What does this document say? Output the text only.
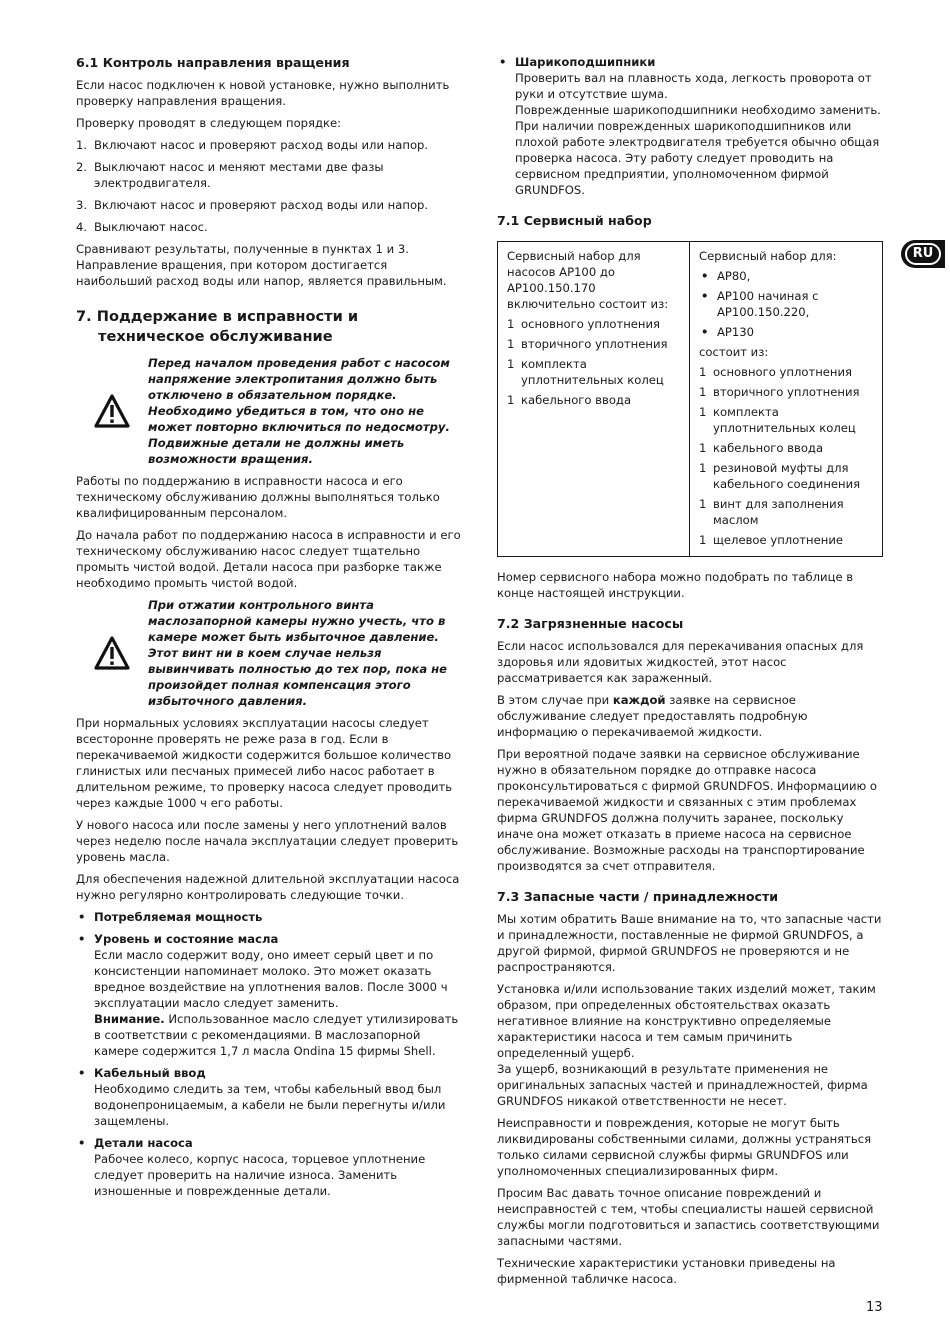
6.1 Контроль направления вращения

Если насос подключен к новой установке, нужно выполнить проверку направления вращения.

Проверку проводят в следующем порядке:

1. Включают насос и проверяют расход воды или напор.
2. Выключают насос и меняют местами две фазы электродвигателя.
3. Включают насос и проверяют расход воды или напор.
4. Выключают насос.

Сравнивают результаты, полученные в пунктах 1 и 3. Направление вращения, при котором достигается наибольший расход воды или напор, является правильным.

7. Поддержание в исправности и техническое обслуживание
Перед началом проведения работ с насосом напряжение электропитания должно быть отключено в обязательном порядке. Необходимо убедиться в том, что оно не может повторно включиться по недосмотру. Подвижные детали не должны иметь возможности вращения.

Работы по поддержанию в исправности насоса и его техническому обслуживанию должны выполняться только квалифицированным персоналом.

До начала работ по поддержанию насоса в исправности и его техническому обслуживанию насос следует тщательно промыть чистой водой. Детали насоса при разборке также необходимо промыть чистой водой.

При отжатии контрольного винта маслозапорной камеры нужно учесть, что в камере может быть избыточное давление. Этот винт ни в коем случае нельзя вывинчивать полностью до тех пор, пока не произойдет полная компенсация этого избыточного давления.

При нормальных условиях эксплуатации насосы следует всесторонне проверять не реже раза в год. Если в перекачиваемой жидкости содержится большое количество глинистых или песчаных примесей либо насос работает в длительном режиме, то проверку насоса следует проводить через каждые 1000 ч его работы.

У нового насоса или после замены у него уплотнений валов через неделю после начала эксплуатации следует проверить уровень масла.

Для обеспечения надежной длительной эксплуатации насоса нужно регулярно контролировать следующие точки.

• Потребляемая мощность
• Уровень и состояние масла
Если масло содержит воду, оно имеет серый цвет и по консистенции напоминает молоко. Это может оказать вредное воздействие на уплотнения валов. После 3000 ч эксплуатации масло следует заменить.
Внимание. Использованное масло следует утилизировать в соответствии с рекомендациями. В маслозапорной камере содержится 1,7 л масла Ondina 15 фирмы Shell.
• Кабельный ввод
Необходимо следить за тем, чтобы кабельный ввод был водонепроницаемым, а кабели не были перегнуты и/или защемлены.
• Детали насоса
Рабочее колесо, корпус насоса, торцевое уплотнение следует проверить на наличие износа. Заменить изношенные и поврежденные детали.
• Шарикоподшипники
Проверить вал на плавность хода, легкость проворота от руки и отсутствие шума.
Поврежденные шарикоподшипники необходимо заменить. При наличии поврежденных шарикоподшипников или плохой работе электродвигателя требуется обычно общая проверка насоса. Эту работу следует проводить на сервисном предприятии, уполномоченном фирмой GRUNDFOS.
7.1 Сервисный набор

Сервисный набор для насосов AP100 до AP100.150.170 включительно состоит из:

1 основного уплотнения
1 вторичного уплотнения
1 комплекта уплотнительных колец
1 кабельного ввода

Сервисный набор для:

• AP80,
• AP100 начиная с AP100.150.220,
• AP130

состоит из:

1 основного уплотнения
1 вторичного уплотнения
1 комплекта уплотнительных колец
1 кабельного ввода
1 резиновой муфты для кабельного соединения
1 винт для заполнения маслом
1 щелевое уплотнение

Номер сервисного набора можно подобрать по таблице в конце настоящей инструкции.

7.2 Загрязненные насосы

Если насос использовался для перекачивания опасных для здоровья или ядовитых жидкостей, этот насос рассматривается как зараженный.

В этом случае при каждой заявке на сервисное обслуживание следует предоставлять подробную информацию о перекачиваемой жидкости.

При вероятной подаче заявки на сервисное обслуживание нужно в обязательном порядке до отправке насоса проконсультироваться с фирмой GRUNDFOS. Информациию о перекачиваемой жидкости и связанных с этим проблемах фирма GRUNDFOS должна получить заранее, поскольку иначе она может отказать в приеме насоса на сервисное обслуживание. Возможные расходы на транспортирование производятся за счет отправителя.

7.3 Запасные части / принадлежности

Мы хотим обратить Ваше внимание на то, что запасные части и принадлежности, поставленные не фирмой GRUNDFOS, а другой фирмой, фирмой GRUNDFOS не проверяются и не распространяются.

Установка и/или использование таких изделий может, таким образом, при определенных обстоятельствах оказать негативное влияние на конструктивно определяемые характеристики насоса и тем самым причинить определенный ущерб.

За ущерб, возникающий в результате применения не оригинальных запасных частей и принадлежностей, фирма GRUNDFOS никакой ответственности не несет.

Неисправности и повреждения, которые не могут быть ликвидированы собственными силами, должны устраняться только силами сервисной службы фирмы GRUNDFOS или уполномоченных специализированных фирм.

Просим Вас давать точное описание повреждений и неисправностей с тем, чтобы специалисты нашей сервисной службы могли подготовиться и запастись соответствующими запасными частями.

Технические характеристики установки приведены на фирменной табличке насоса.

RU
13
